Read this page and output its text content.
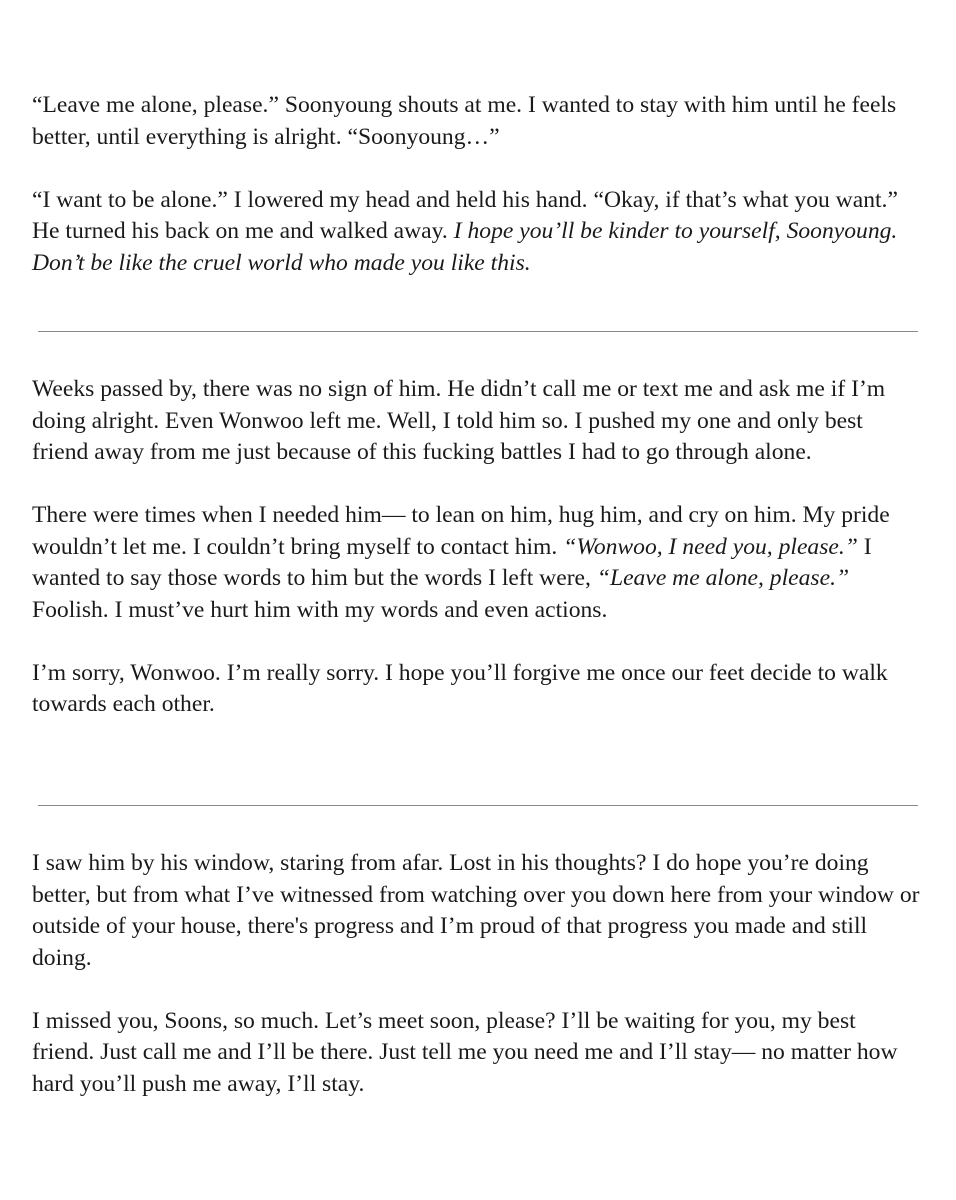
“Leave me alone, please.” Soonyoung shouts at me. I wanted to stay with him until he feels better, until everything is alright. “Soonyoung…”

“I want to be alone.” I lowered my head and held his hand. “Okay, if that’s what you want.” He turned his back on me and walked away. I hope you’ll be kinder to yourself, Soonyoung. Don’t be like the cruel world who made you like this.

Weeks passed by, there was no sign of him. He didn’t call me or text me and ask me if I’m doing alright. Even Wonwoo left me. Well, I told him so. I pushed my one and only best friend away from me just because of this fucking battles I had to go through alone.

There were times when I needed him— to lean on him, hug him, and cry on him. My pride wouldn’t let me. I couldn’t bring myself to contact him. “Wonwoo, I need you, please.” I wanted to say those words to him but the words I left were, “Leave me alone, please.” Foolish. I must’ve hurt him with my words and even actions.

I’m sorry, Wonwoo. I’m really sorry. I hope you’ll forgive me once our feet decide to walk towards each other.

I saw him by his window, staring from afar. Lost in his thoughts? I do hope you’re doing better, but from what I’ve witnessed from watching over you down here from your window or outside of your house, there's progress and I’m proud of that progress you made and still doing.

I missed you, Soons, so much. Let’s meet soon, please? I’ll be waiting for you, my best friend. Just call me and I’ll be there. Just tell me you need me and I’ll stay— no matter how hard you’ll push me away, I’ll stay.
